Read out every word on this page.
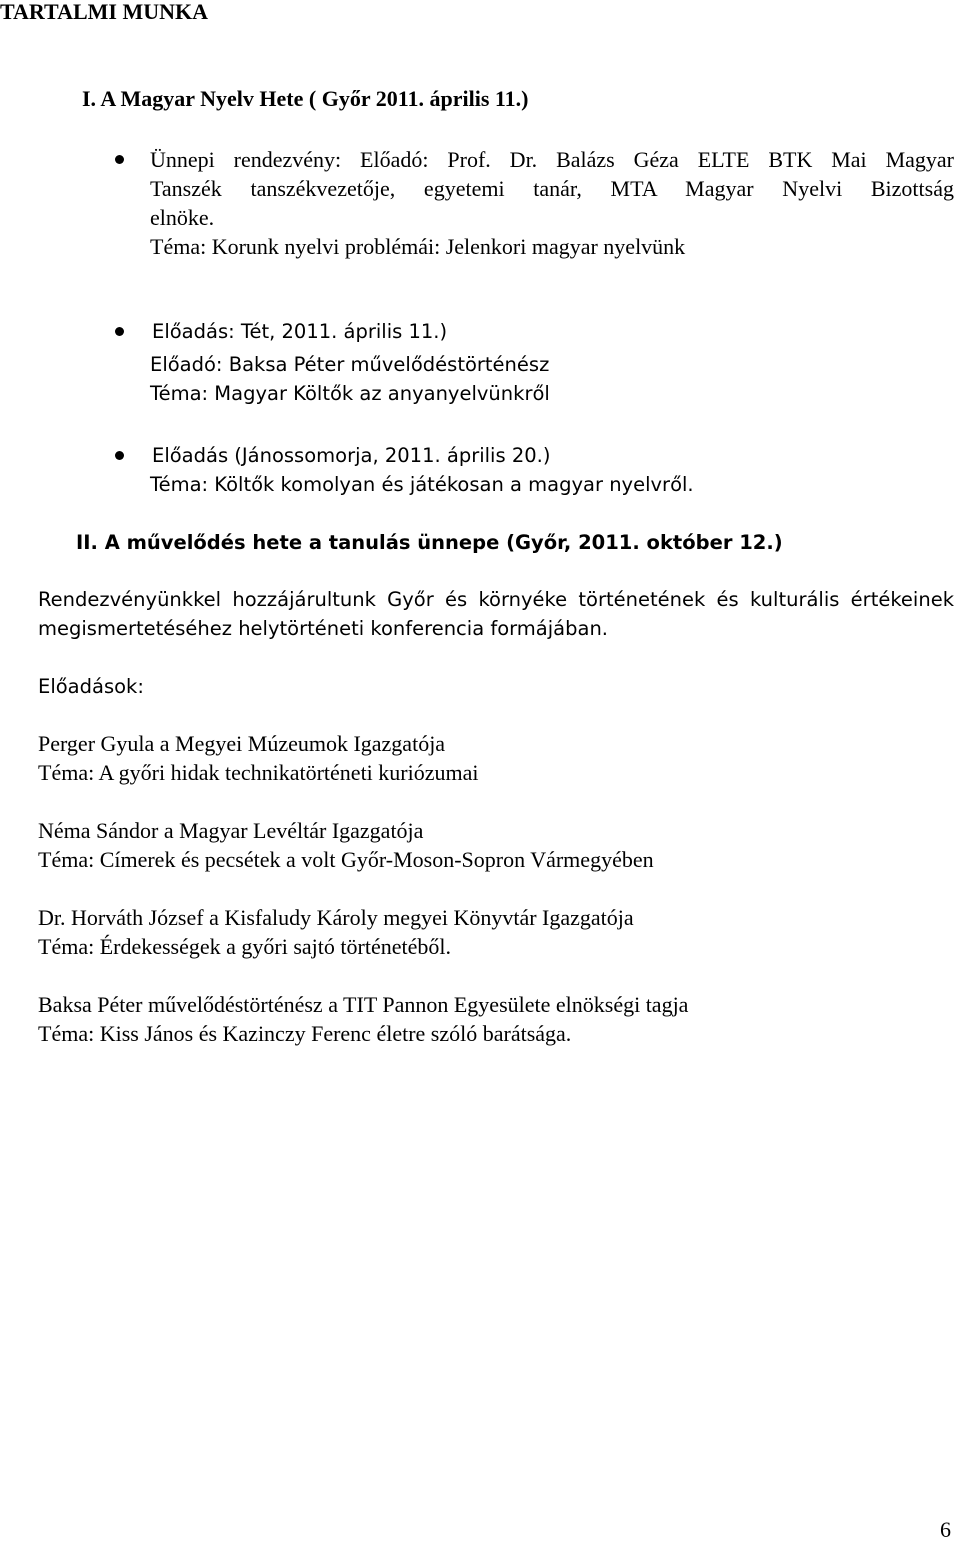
TARTALMI MUNKA
I. A Magyar Nyelv Hete ( Győr 2011. április 11.)
Ünnepi rendezvény: Előadó: Prof. Dr. Balázs Géza ELTE BTK Mai Magyar
Tanszék tanszékvezetője, egyetemi tanár, MTA Magyar Nyelvi Bizottság
elnöke.
Téma: Korunk nyelvi problémái: Jelenkori magyar nyelvünk
Előadás: Tét, 2011. április 11.)
Előadó: Baksa Péter művelődéstörténész
Téma: Magyar Költők az anyanyelvünkről
Előadás (Jánossomorja, 2011. április 20.)
Téma: Költők komolyan és játékosan a magyar nyelvről.
II. A művelődés hete a tanulás ünnepe (Győr, 2011. október 12.)
Rendezvényünkkel hozzájárultunk Győr és környéke történetének és kulturális értékeinek
megismertetéséhez helytörténeti konferencia formájában.
Előadások:
Perger Gyula a Megyei Múzeumok Igazgatója
Téma: A győri hidak technikatörténeti kuriózumai
Néma Sándor a Magyar Levéltár Igazgatója
Téma: Címerek és pecsétek a volt Győr-Moson-Sopron Vármegyében
Dr. Horváth József a Kisfaludy Károly megyei Könyvtár Igazgatója
Téma: Érdekességek a győri sajtó történetéből.
Baksa Péter művelődéstörténész a TIT Pannon Egyesülete elnökségi tagja
Téma: Kiss János és Kazinczy Ferenc életre szóló barátsága.
6
